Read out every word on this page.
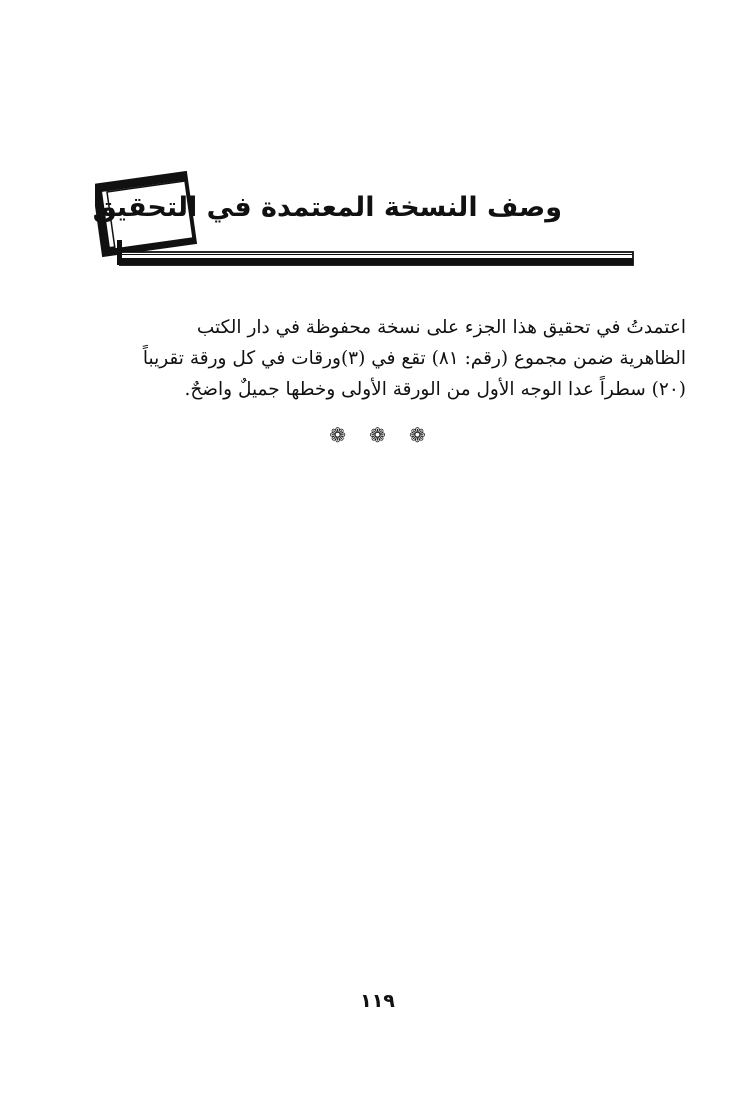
وصف النسخة المعتمدة في التحقيق
اعتمدتُ في تحقيق هذا الجزء على نسخة محفوظة في دار الكتب
الظاهرية ضمن مجموع (رقم: ٨١) تقع في (٣)ورقات في كل ورقة تقريباً
(٢٠) سطراً عدا الوجه الأول من الورقة الأولى وخطها جميلٌ واضحٌ.
❁ ❁ ❁
١١٩
